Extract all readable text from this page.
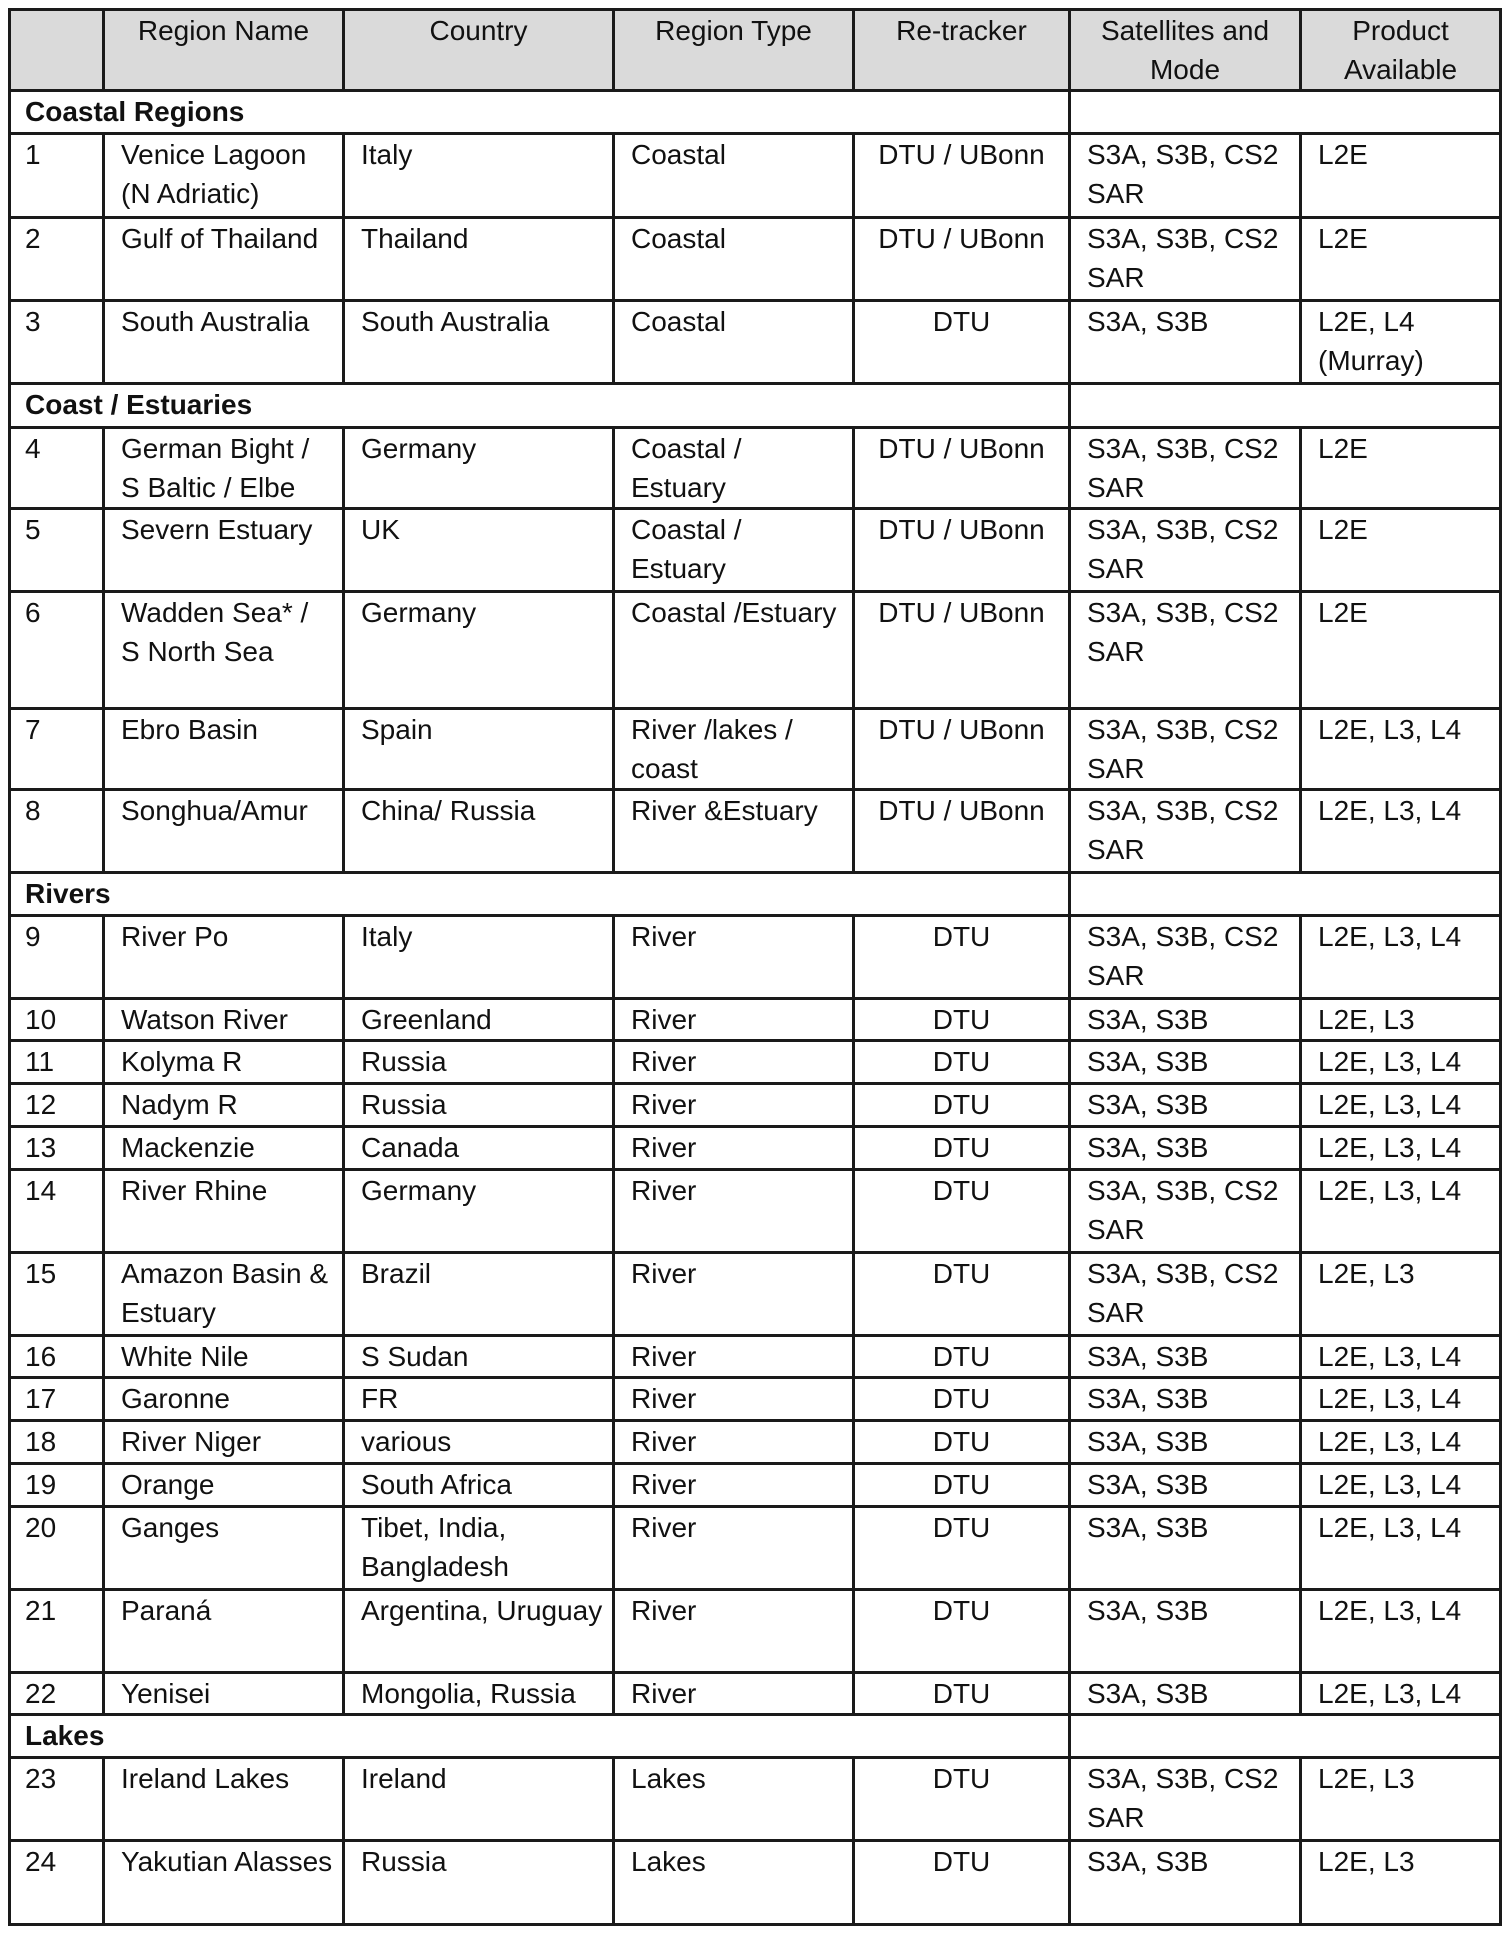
	Region Name	Country	Region Type	Re-tracker	Satellites and Mode	Product Available
Coastal Regions						
1	Venice Lagoon (N Adriatic)	Italy	Coastal	DTU / UBonn	S3A, S3B, CS2 SAR	L2E
2	Gulf of Thailand	Thailand	Coastal	DTU / UBonn	S3A, S3B, CS2 SAR	L2E
3	South Australia	South Australia	Coastal	DTU	S3A, S3B	L2E, L4 (Murray)
Coast / Estuaries						
4	German Bight / S Baltic / Elbe	Germany	Coastal / Estuary	DTU / UBonn	S3A, S3B, CS2 SAR	L2E
5	Severn Estuary	UK	Coastal / Estuary	DTU / UBonn	S3A, S3B, CS2 SAR	L2E
6	Wadden Sea* / S North Sea	Germany	Coastal /Estuary	DTU / UBonn	S3A, S3B, CS2 SAR	L2E
7	Ebro Basin	Spain	River /lakes / coast	DTU / UBonn	S3A, S3B, CS2 SAR	L2E, L3, L4
8	Songhua/Amur	China/ Russia	River &Estuary	DTU / UBonn	S3A, S3B, CS2 SAR	L2E, L3, L4
Rivers						
9	River Po	Italy	River	DTU	S3A, S3B, CS2 SAR	L2E, L3, L4
10	Watson River	Greenland	River	DTU	S3A, S3B	L2E, L3
11	Kolyma R	Russia	River	DTU	S3A, S3B	L2E, L3, L4
12	Nadym R	Russia	River	DTU	S3A, S3B	L2E, L3, L4
13	Mackenzie	Canada	River	DTU	S3A, S3B	L2E, L3, L4
14	River Rhine	Germany	River	DTU	S3A, S3B, CS2 SAR	L2E, L3, L4
15	Amazon Basin & Estuary	Brazil	River	DTU	S3A, S3B, CS2 SAR	L2E, L3
16	White Nile	S Sudan	River	DTU	S3A, S3B	L2E, L3, L4
17	Garonne	FR	River	DTU	S3A, S3B	L2E, L3, L4
18	River Niger	various	River	DTU	S3A, S3B	L2E, L3, L4
19	Orange	South Africa	River	DTU	S3A, S3B	L2E, L3, L4
20	Ganges	Tibet, India, Bangladesh	River	DTU	S3A, S3B	L2E, L3, L4
21	Paraná	Argentina, Uruguay	River	DTU	S3A, S3B	L2E, L3, L4
22	Yenisei	Mongolia, Russia	River	DTU	S3A, S3B	L2E, L3, L4
Lakes						
23	Ireland Lakes	Ireland	Lakes	DTU	S3A, S3B, CS2 SAR	L2E, L3
24	Yakutian Alasses	Russia	Lakes	DTU	S3A, S3B	L2E, L3
